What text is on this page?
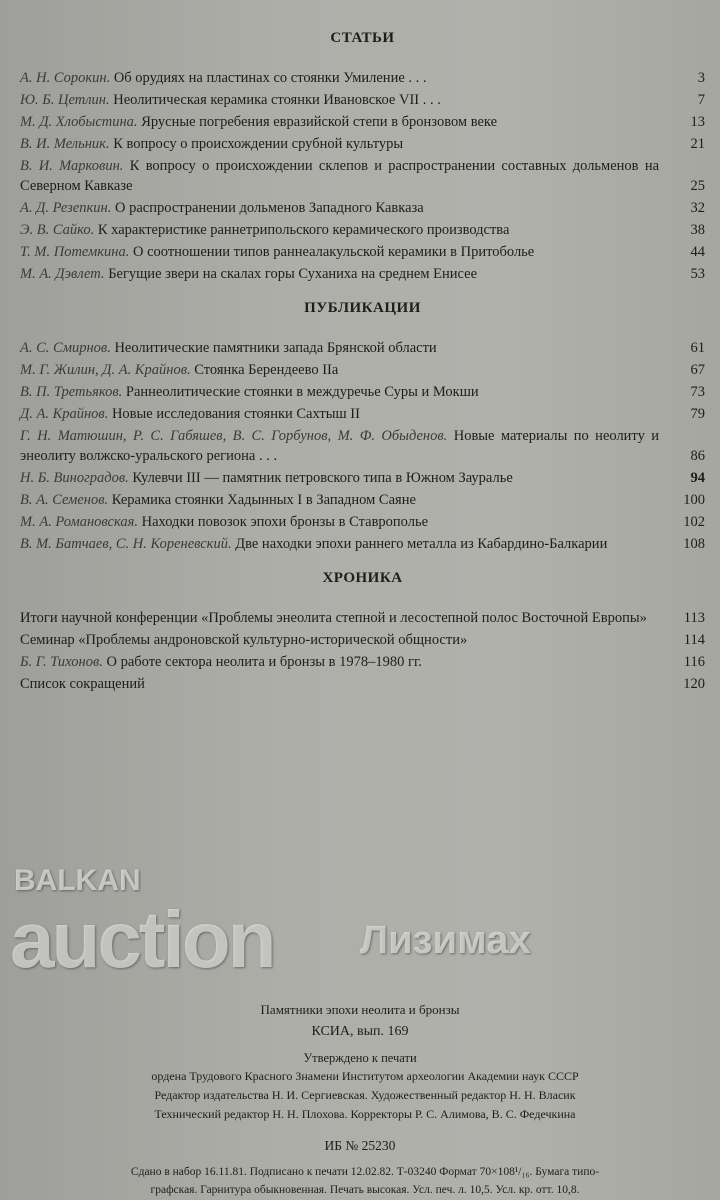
СТАТЬИ
А. Н. Сорокин. Об орудиях на пластинах со стоянки Умиление . . .	3
Ю. Б. Цетлин. Неолитическая керамика стоянки Ивановское VII . . .	7
М. Д. Хлобыстина. Ярусные погребения евразийской степи в бронзовом веке	13
В. И. Мельник. К вопросу о происхождении срубной культуры	21
В. И. Марковин. К вопросу о происхождении склепов и распространении составных дольменов на Северном Кавказе	25
А. Д. Резепкин. О распространении дольменов Западного Кавказа	32
Э. В. Сайко. К характеристике раннетрипольского керамического производства	38
Т. М. Потемкина. О соотношении типов раннеалакульской керамики в Притоболье	44
М. А. Дэвлет. Бегущие звери на скалах горы Суханиха на среднем Енисее	53
ПУБЛИКАЦИИ
А. С. Смирнов. Неолитические памятники запада Брянской области	61
М. Г. Жилин, Д. А. Крайнов. Стоянка Берендеево IIa	67
В. П. Третьяков. Раннеолитические стоянки в междуречье Суры и Мокши	73
Д. А. Крайнов. Новые исследования стоянки Сахтыш II	79
Г. Н. Матюшин, Р. С. Габяшев, В. С. Горбунов, М. Ф. Обыденов. Новые материалы по неолиту и энеолиту волжско-уральского региона . . .	86
Н. Б. Виноградов. Кулевчи III — памятник петровского типа в Южном Зауралье	94
В. А. Семенов. Керамика стоянки Хадынных I в Западном Саяне	100
М. А. Романовская. Находки повозок эпохи бронзы в Ставрополье	102
В. М. Батчаев, С. Н. Кореневский. Две находки эпохи раннего металла из Кабардино-Балкарии	108
ХРОНИКА
Итоги научной конференции «Проблемы энеолита степной и лесостепной полос Восточной Европы»	113
Семинар «Проблемы андроновской культурно-исторической общности»	114
Б. Г. Тихонов. О работе сектора неолита и бронзы в 1978–1980 гг.	116
Список сокращений	120
BALKAN
auction Лизимах
Памятники эпохи неолита и бронзы
КСИА, вып. 169
Утверждено к печати
ордена Трудового Красного Знамени Институтом археологии Академии наук СССР
Редактор издательства Н. И. Сергиевская. Художественный редактор Н. Н. Власик
Технический редактор Н. Н. Плохова. Корректоры Р. С. Алимова, В. С. Федечкина
ИБ № 25230
Сдано в набор 16.11.81. Подписано к печати 12.02.82. Т-03240 Формат 70×108¹/₁₆. Бумага типо-
графская. Гарнитура обыкновенная. Печать высокая. Усл. печ. л. 10,5. Усл. кр. отт. 10,8.
